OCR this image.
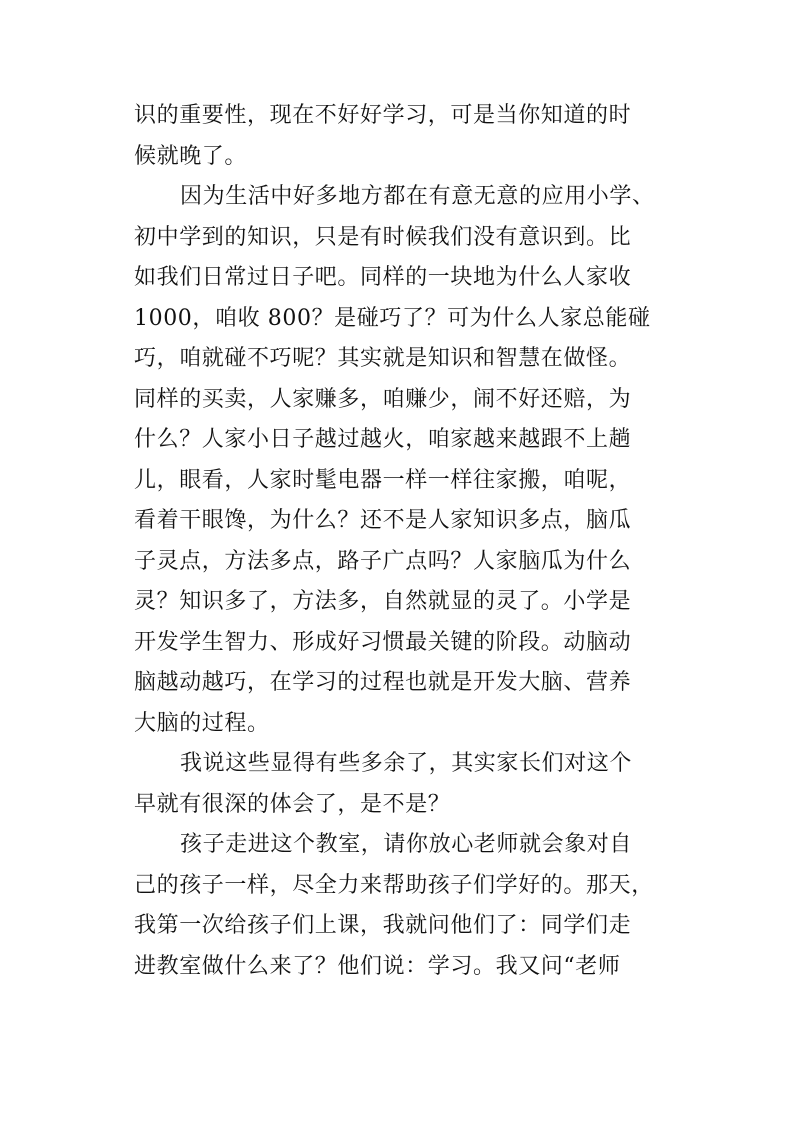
识的重要性，现在不好好学习，可是当你知道的时
候就晚了。
因为生活中好多地方都在有意无意的应用小学、
初中学到的知识，只是有时候我们没有意识到。比
如我们日常过日子吧。同样的一块地为什么人家收
1000，咱收 800？是碰巧了？可为什么人家总能碰
巧，咱就碰不巧呢？其实就是知识和智慧在做怪。
同样的买卖，人家赚多，咱赚少，闹不好还赔，为
什么？人家小日子越过越火，咱家越来越跟不上趟
儿，眼看，人家时髦电器一样一样往家搬，咱呢，
看着干眼馋，为什么？还不是人家知识多点，脑瓜
子灵点，方法多点，路子广点吗？人家脑瓜为什么
灵？知识多了，方法多，自然就显的灵了。小学是
开发学生智力、形成好习惯最关键的阶段。动脑动
脑越动越巧，在学习的过程也就是开发大脑、营养
大脑的过程。
我说这些显得有些多余了，其实家长们对这个
早就有很深的体会了，是不是？
孩子走进这个教室，请你放心老师就会象对自
己的孩子一样，尽全力来帮助孩子们学好的。那天，
我第一次给孩子们上课，我就问他们了：同学们走
进教室做什么来了？他们说：学习。我又问“老师
